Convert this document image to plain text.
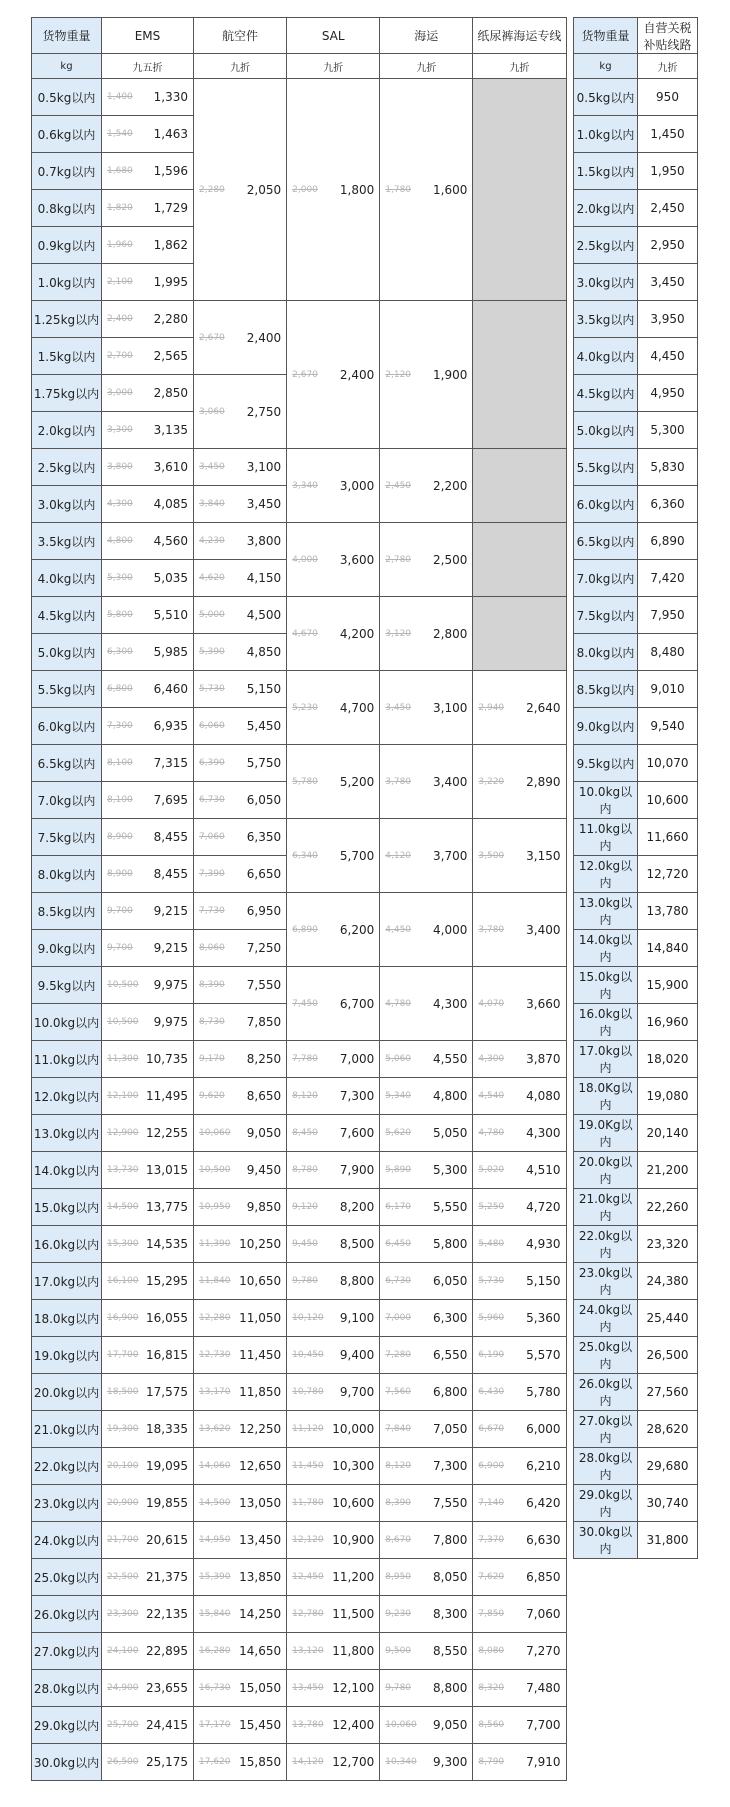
货物重量	EMS	航空件	SAL	海运	纸尿裤海运专线
kg	九五折	九折	九折	九折	九折
0.5kg以内	1,400 1,330	2,280 2,050	2,000 1,800	1,780 1,600	

0.6kg以内	1,540 1,463				

0.7kg以内	1,680 1,596				

0.8kg以内	1,820 1,729				

0.9kg以内	1,960 1,862				

1.0kg以内	2,100 1,995				

1.25kg以内	2,400 2,280	2,670 2,400	2,670 2,400	2,120 1,900	

1.5kg以内	2,700 2,565				

1.75kg以内	3,000 2,850	3,060 2,750			

2.0kg以内	3,300 3,135				

2.5kg以内	3,800 3,610	3,450 3,100	3,340 3,000	2,450 2,200	

3.0kg以内	4,300 4,085	3,840 3,450			

3.5kg以内	4,800 4,560	4,230 3,800	4,000 3,600	2,780 2,500	

4.0kg以内	5,300 5,035	4,620 4,150			

4.5kg以内	5,800 5,510	5,000 4,500	4,670 4,200	3,120 2,800	

5.0kg以内	6,300 5,985	5,390 4,850			

5.5kg以内	6,800 6,460	5,730 5,150	5,230 4,700	3,450 3,100	2,940 2,640

6.0kg以内	7,300 6,935	6,060 5,450			

6.5kg以内	8,100 7,315	6,390 5,750	5,780 5,200	3,780 3,400	3,220 2,890

7.0kg以内	8,100 7,695	6,730 6,050			

7.5kg以内	8,900 8,455	7,060 6,350	6,340 5,700	4,120 3,700	3,500 3,150

8.0kg以内	8,900 8,455	7,390 6,650			

8.5kg以内	9,700 9,215	7,730 6,950	6,890 6,200	4,450 4,000	3,780 3,400

9.0kg以内	9,700 9,215	8,060 7,250			

9.5kg以内	10,500 9,975	8,390 7,550	7,450 6,700	4,780 4,300	4,070 3,660

10.0kg以内	10,500 9,975	8,730 7,850			

11.0kg以内	11,300 10,735	9,170 8,250	7,780 7,000	5,060 4,550	4,300 3,870

12.0kg以内	12,100 11,495	9,620 8,650	8,120 7,300	5,340 4,800	4,540 4,080

13.0kg以内	12,900 12,255	10,060 9,050	8,450 7,600	5,620 5,050	4,780 4,300

14.0kg以内	13,730 13,015	10,500 9,450	8,780 7,900	5,890 5,300	5,020 4,510

15.0kg以内	14,500 13,775	10,950 9,850	9,120 8,200	6,170 5,550	5,250 4,720

16.0kg以内	15,300 14,535	11,390 10,250	9,450 8,500	6,450 5,800	5,480 4,930

17.0kg以内	16,100 15,295	11,840 10,650	9,780 8,800	6,730 6,050	5,730 5,150

18.0kg以内	16,900 16,055	12,280 11,050	10,120 9,100	7,000 6,300	5,960 5,360

19.0kg以内	17,700 16,815	12,730 11,450	10,450 9,400	7,280 6,550	6,190 5,570

20.0kg以内	18,500 17,575	13,170 11,850	10,780 9,700	7,560 6,800	6,430 5,780

21.0kg以内	19,300 18,335	13,620 12,250	11,120 10,000	7,840 7,050	6,670 6,000

22.0kg以内	20,100 19,095	14,060 12,650	11,450 10,300	8,120 7,300	6,900 6,210

23.0kg以内	20,900 19,855	14,500 13,050	11,780 10,600	8,390 7,550	7,140 6,420

24.0kg以内	21,700 20,615	14,950 13,450	12,120 10,900	8,670 7,800	7,370 6,630

25.0kg以内	22,500 21,375	15,390 13,850	12,450 11,200	8,950 8,050	7,620 6,850

26.0kg以内	23,300 22,135	15,840 14,250	12,780 11,500	9,230 8,300	7,850 7,060

27.0kg以内	24,100 22,895	16,280 14,650	13,120 11,800	9,500 8,550	8,080 7,270

28.0kg以内	24,900 23,655	16,730 15,050	13,450 12,100	9,780 8,800	8,320 7,480

29.0kg以内	25,700 24,415	17,170 15,450	13,780 12,400	10,060 9,050	8,560 7,700

30.0kg以内	26,500 25,175	17,620 15,850	14,120 12,700	10,340 9,300	8,790 7,910
货物重量	自营关税补贴线路
kg	九折
0.5kg以内	950
1.0kg以内	1,450
1.5kg以内	1,950
2.0kg以内	2,450
2.5kg以内	2,950
3.0kg以内	3,450
3.5kg以内	3,950
4.0kg以内	4,450
4.5kg以内	4,950
5.0kg以内	5,300
5.5kg以内	5,830
6.0kg以内	6,360
6.5kg以内	6,890
7.0kg以内	7,420
7.5kg以内	7,950
8.0kg以内	8,480
8.5kg以内	9,010
9.0kg以内	9,540
9.5kg以内	10,070
10.0kg以内	10,600
11.0kg以内	11,660
12.0kg以内	12,720
13.0kg以内	13,780
14.0kg以内	14,840
15.0kg以内	15,900
16.0kg以内	16,960
17.0kg以内	18,020
18.0Kg以内	19,080
19.0Kg以内	20,140
20.0kg以内	21,200
21.0kg以内	22,260
22.0kg以内	23,320
23.0kg以内	24,380
24.0kg以内	25,440
25.0kg以内	26,500
26.0kg以内	27,560
27.0kg以内	28,620
28.0kg以内	29,680
29.0kg以内	30,740
30.0kg以内	31,800
